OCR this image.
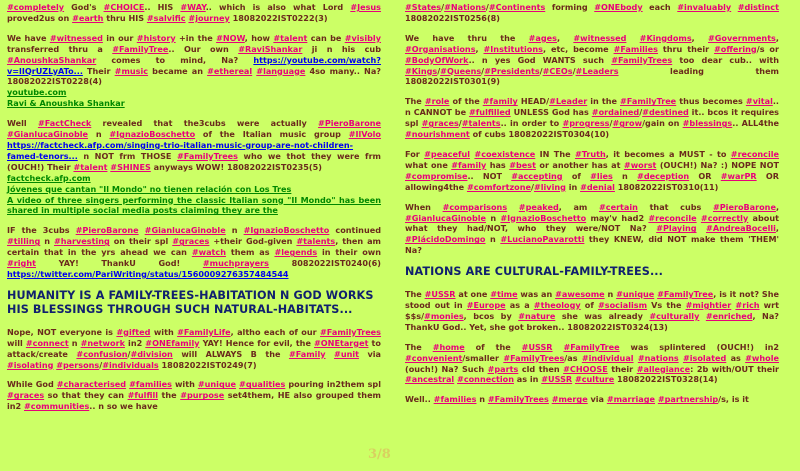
#completely God's #CHOICE.. HIS #WAY.. which is also what Lord #Jesus proved2us on #earth thru HIS #salvific #journey 18082022IST0222(3)

We have #witnessed in our #history +in the #NOW, how #talent can be #visibly transferred thru a #FamilyTree.. Our own #RaviShankar ji n his cub #AnoushkaShankar comes to mind, Na? https://youtube.com/watch?v=lIQrUZLyATo... Their #music became an #ethereal #language 4so many.. Na? 18082022IST0228(4)
youtube.com
Ravi & Anoushka Shankar

Well #FactCheck revealed that the3cubs were actually #PieroBarone #GianlucaGinoble n #IgnazioBoschetto of the Italian music group #IlVolo https://factcheck.afp.com/singing-trio-italian-music-group-are-not-children-famed-tenors... n NOT frm THOSE #FamilyTrees who we thot they were frm (OUCH!) Their #talent #SHINES anyways WOW! 18082022IST0235(5)
factcheck.afp.com
Jóvenes que cantan "Il Mondo" no tienen relación con Los Tres
A video of three singers performing the classic Italian song "Il Mondo" has been shared in multiple social media posts claiming they are the

IF the 3cubs #PieroBarone #GianlucaGinoble n #IgnazioBoschetto continued #tilling n #harvesting on their spl #graces +their God-given #talents, then am certain that in the yrs ahead we can #watch them as #legends in their own #right YAY! ThankU God! #muchprayers 8082022IST0240(6) https://twitter.com/PariWriting/status/1560009276357484544

HUMANITY IS A FAMILY-TREES-HABITATION N GOD WORKS HIS BLESSINGS THROUGH SUCH NATURAL-HABITATS...

Nope, NOT everyone is #gifted with #FamilyLife, altho each of our #FamilyTrees will #connect n #network in2 #ONEfamily YAY! Hence for evil, the #ONEtarget to attack/create #confusion/#division will ALWAYS B the #Family #unit via #isolating #persons/#individuals 18082022IST0249(7)

While God #characterised #families with #unique #qualities pouring in2them spl #graces so that they can #fulfill the #purpose set4them, HE also grouped them in2 #communities.. n so we have

#States/#Nations/#Continents forming #ONEbody each #invaluably #distinct 18082022IST0256(8)

We have thru the #ages, #witnessed #Kingdoms, #Governments, #Organisations, #Institutions, etc, become #Families thru their #offering/s or #BodyOfWork.. n yes God WANTS such #FamilyTrees too dear cub.. with #Kings/#Queens/#Presidents/#CEOs/#Leaders leading them 18082022IST0301(9)

The #role of the #family HEAD/#Leader in the #FamilyTree thus becomes #vital.. n CANNOT be #fulfilled UNLESS God has #ordained/#destined it.. bcos it requires spl #graces/#talents.. in order to #progress/#grow/gain on #blessings.. ALL4the #nourishment of cubs 18082022IST0304(10)

For #peaceful #coexistence IN The #Truth, it becomes a MUST - to #reconcile what one #family has #best or another has at #worst (OUCH!) Na? :) NOPE NOT #compromise.. NOT #accepting of #lies n #deception OR #warPR OR allowing4the #comfortzone/#living in #denial 18082022IST0310(11)

When #comparisons #peaked, am #certain that cubs #PieroBarone, #GianlucaGinoble n #IgnazioBoschetto may'v had2 #reconcile #correctly about what they had/NOT, who they were/NOT Na? #Playing #AndreaBocelli, #PlácidoDomingo n #LucianoPavarotti they KNEW, did NOT make them 'THEM' Na?

NATIONS ARE CULTURAL-FAMILY-TREES...

The #USSR at one #time was an #awesome n #unique #FamilyTree, is it not? She stood out in #Europe as a #theology of #socialism Vs the #mightier #rich wrt $$s/#monies, bcos by #nature she was already #culturally #enriched, Na? ThankU God.. Yet, she got broken.. 18082022IST0324(13)

The #home of the #USSR #FamilyTree was splintered (OUCH!) in2 #convenient/smaller #FamilyTrees/as #individual #nations #isolated as #whole (ouch!) Na? Such #parts cld then #CHOOSE their #allegiance: 2b with/OUT their #ancestral #connection as in #USSR #culture 18082022IST0328(14)

Well.. #families n #FamilyTrees #merge via #marriage #partnership/s, is it

3/8
